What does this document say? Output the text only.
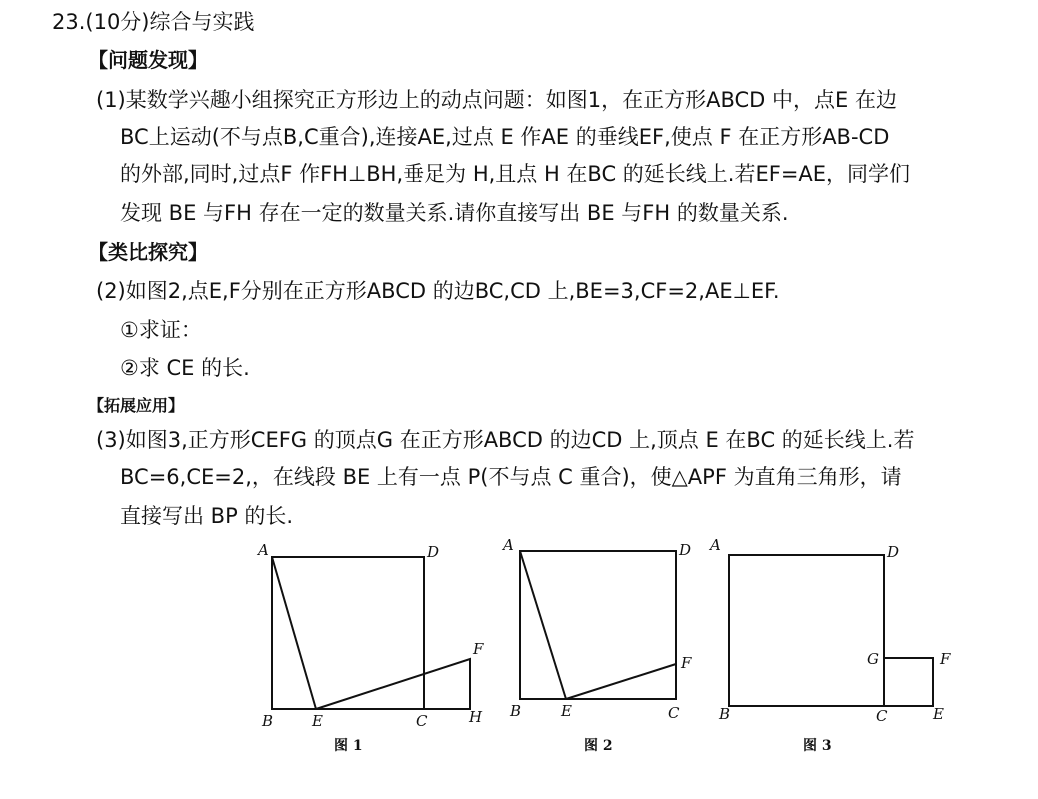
23.(10分)综合与实践
【问题发现】
(1)某数学兴趣小组探究正方形边上的动点问题：如图1，在正方形ABCD 中，点E 在边
BC上运动(不与点B,C重合),连接AE,过点 E 作AE 的垂线EF,使点 F 在正方形AB-CD
的外部,同时,过点F 作FH⊥BH,垂足为 H,且点 H 在BC 的延长线上.若EF=AE，同学们
发现 BE 与FH 存在一定的数量关系.请你直接写出 BE 与FH 的数量关系.
【类比探究】
(2)如图2,点E,F分别在正方形ABCD 的边BC,CD 上,BE=3,CF=2,AE⊥EF.
①求证：
②求 CE 的长.
【拓展应用】
(3)如图3,正方形CEFG 的顶点G 在正方形ABCD 的边CD 上,顶点 E 在BC 的延长线上.若
BC=6,CE=2,，在线段 BE 上有一点 P(不与点 C 重合)，使△APF 为直角三角形，请
直接写出 BP 的长.
A	D
B	E	C
F
H
图 1
A	D
B	E	C
F
图 2
A	D
G	F
B	C	E
图 3
